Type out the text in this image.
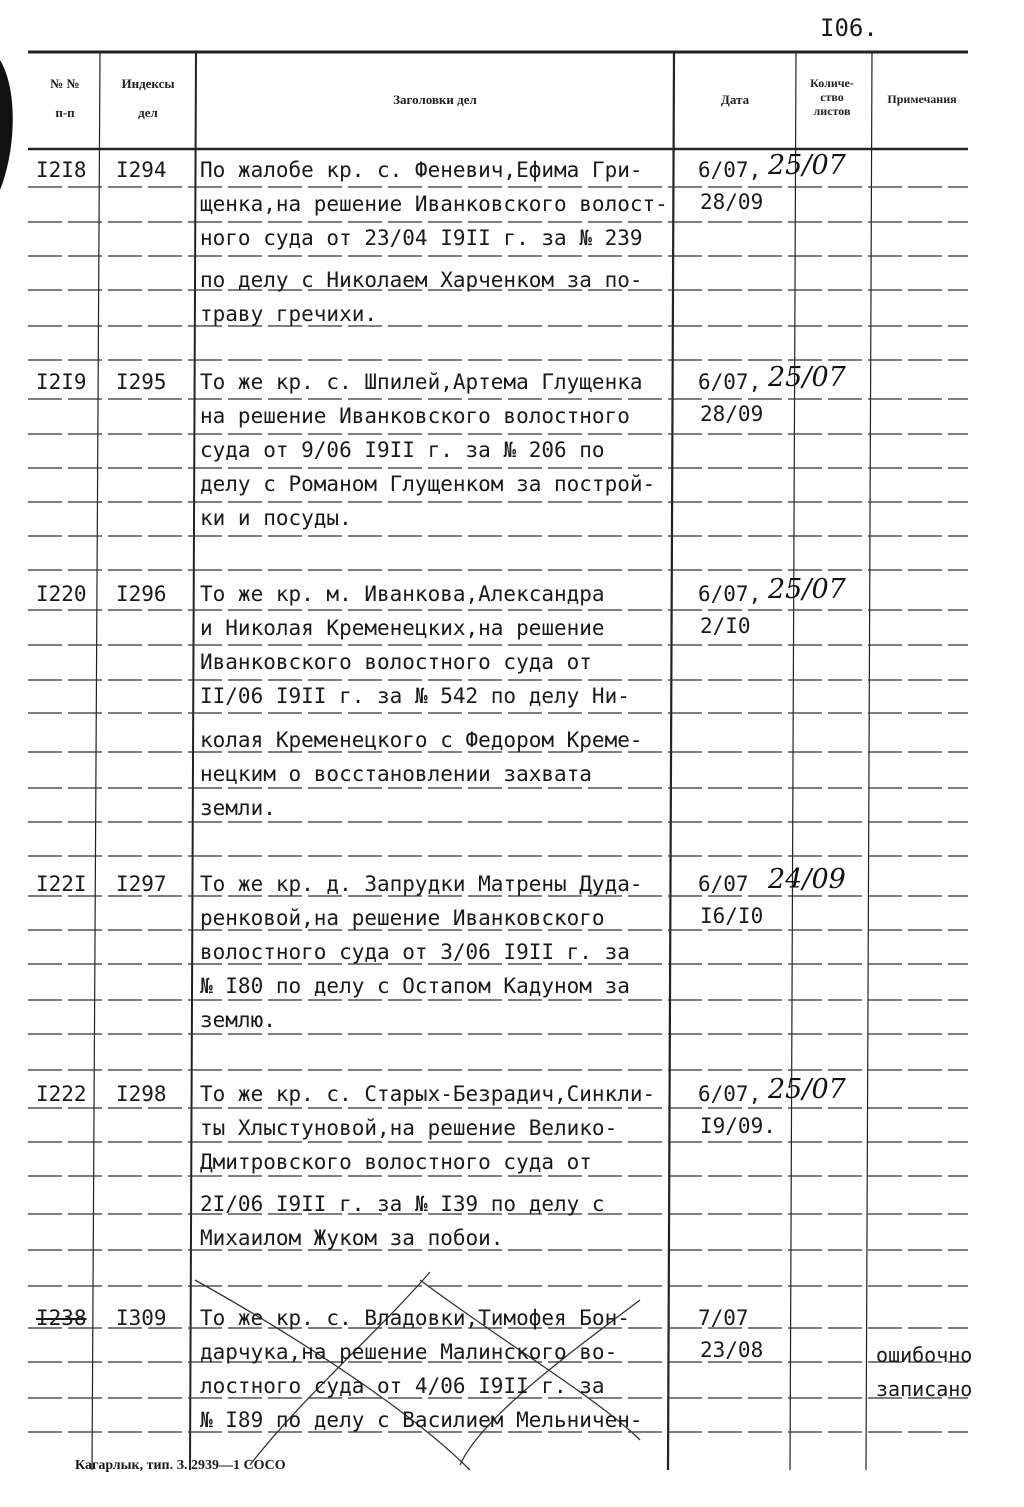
I06.
№ №
п-п
Индексы
дел
Заголовки дел	Дата
Количе-
ство
листов
Примечания
I2I8 I294 По жалобе кр. с. Феневич,Ефима Гри-
щенка,на решение Иванковского волост-
ного суда от 23/04 I9II г. за № 239
по делу с Николаем Харченком за по-
траву гречихи.
6/07,
28/09
25/07
I2I9 I295 То же кр. с. Шпилей,Артема Глущенка
на решение Иванковского волостного
суда от 9/06 I9II г. за № 206 по
делу с Романом Глущенком за построй-
ки и посуды.
6/07,
28/09
25/07
I220 I296 То же кр. м. Иванкова,Александра
и Николая Кременецких,на решение
Иванковского волостного суда от
II/06 I9II г. за № 542 по делу Ни-
колая Кременецкого с Федором Креме-
нецким о восстановлении захвата
земли.
6/07,
2/I0
25/07
I22I I297 То же кр. д. Запрудки Матрены Дуда-
ренковой,на решение Иванковского
волостного суда от 3/06 I9II г. за
№ I80 по делу с Остапом Кадуном за
землю.
6/07
I6/I0
24/09
I222 I298 То же кр. с. Старых-Безрадич,Синкли-
ты Хлыстуновой,на решение Велико-
Дмитровского волостного суда от
2I/06 I9II г. за № I39 по делу с
Михаилом Жуком за побои.
6/07,
I9/09.
25/07
I238 I309 То же кр. с. Владовки,Тимофея Бон-
дарчука,на решение Малинского во-
лостного суда от 4/06 I9II г. за
№ I89 по делу с Василием Мельничен-
7/07
23/08	ошибочно записано
Кагарлык, тип. З. 2939—1 СОСО
